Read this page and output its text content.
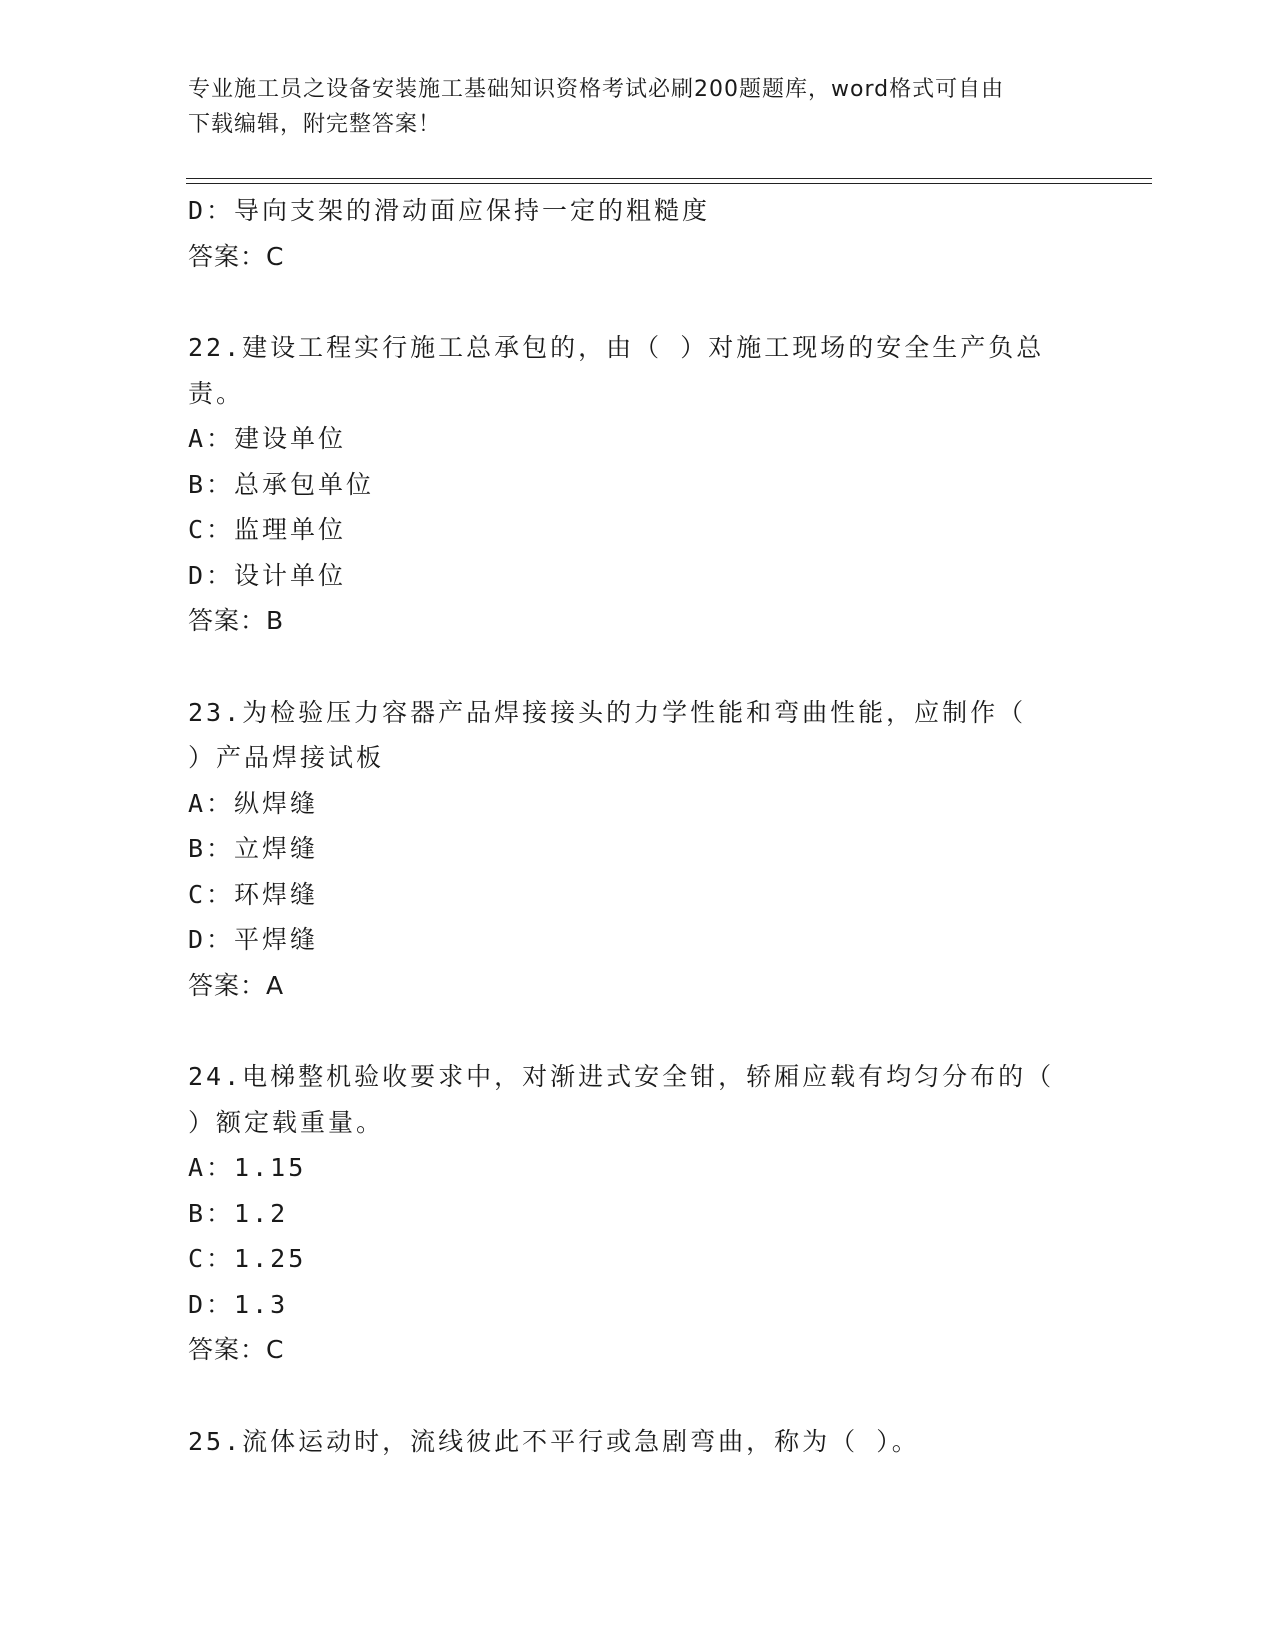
专业施工员之设备安装施工基础知识资格考试必刷200题题库，word格式可自由
下载编辑，附完整答案！
D：导向支架的滑动面应保持一定的粗糙度
答案：C
22.建设工程实行施工总承包的，由（ ）对施工现场的安全生产负总
责。
A：建设单位
B：总承包单位
C：监理单位
D：设计单位
答案：B
23.为检验压力容器产品焊接接头的力学性能和弯曲性能，应制作（
）产品焊接试板
A：纵焊缝
B：立焊缝
C：环焊缝
D：平焊缝
答案：A
24.电梯整机验收要求中，对渐进式安全钳，轿厢应载有均匀分布的（
）额定载重量。
A：1.15
B：1.2
C：1.25
D：1.3
答案：C
25.流体运动时，流线彼此不平行或急剧弯曲，称为（ ）。
